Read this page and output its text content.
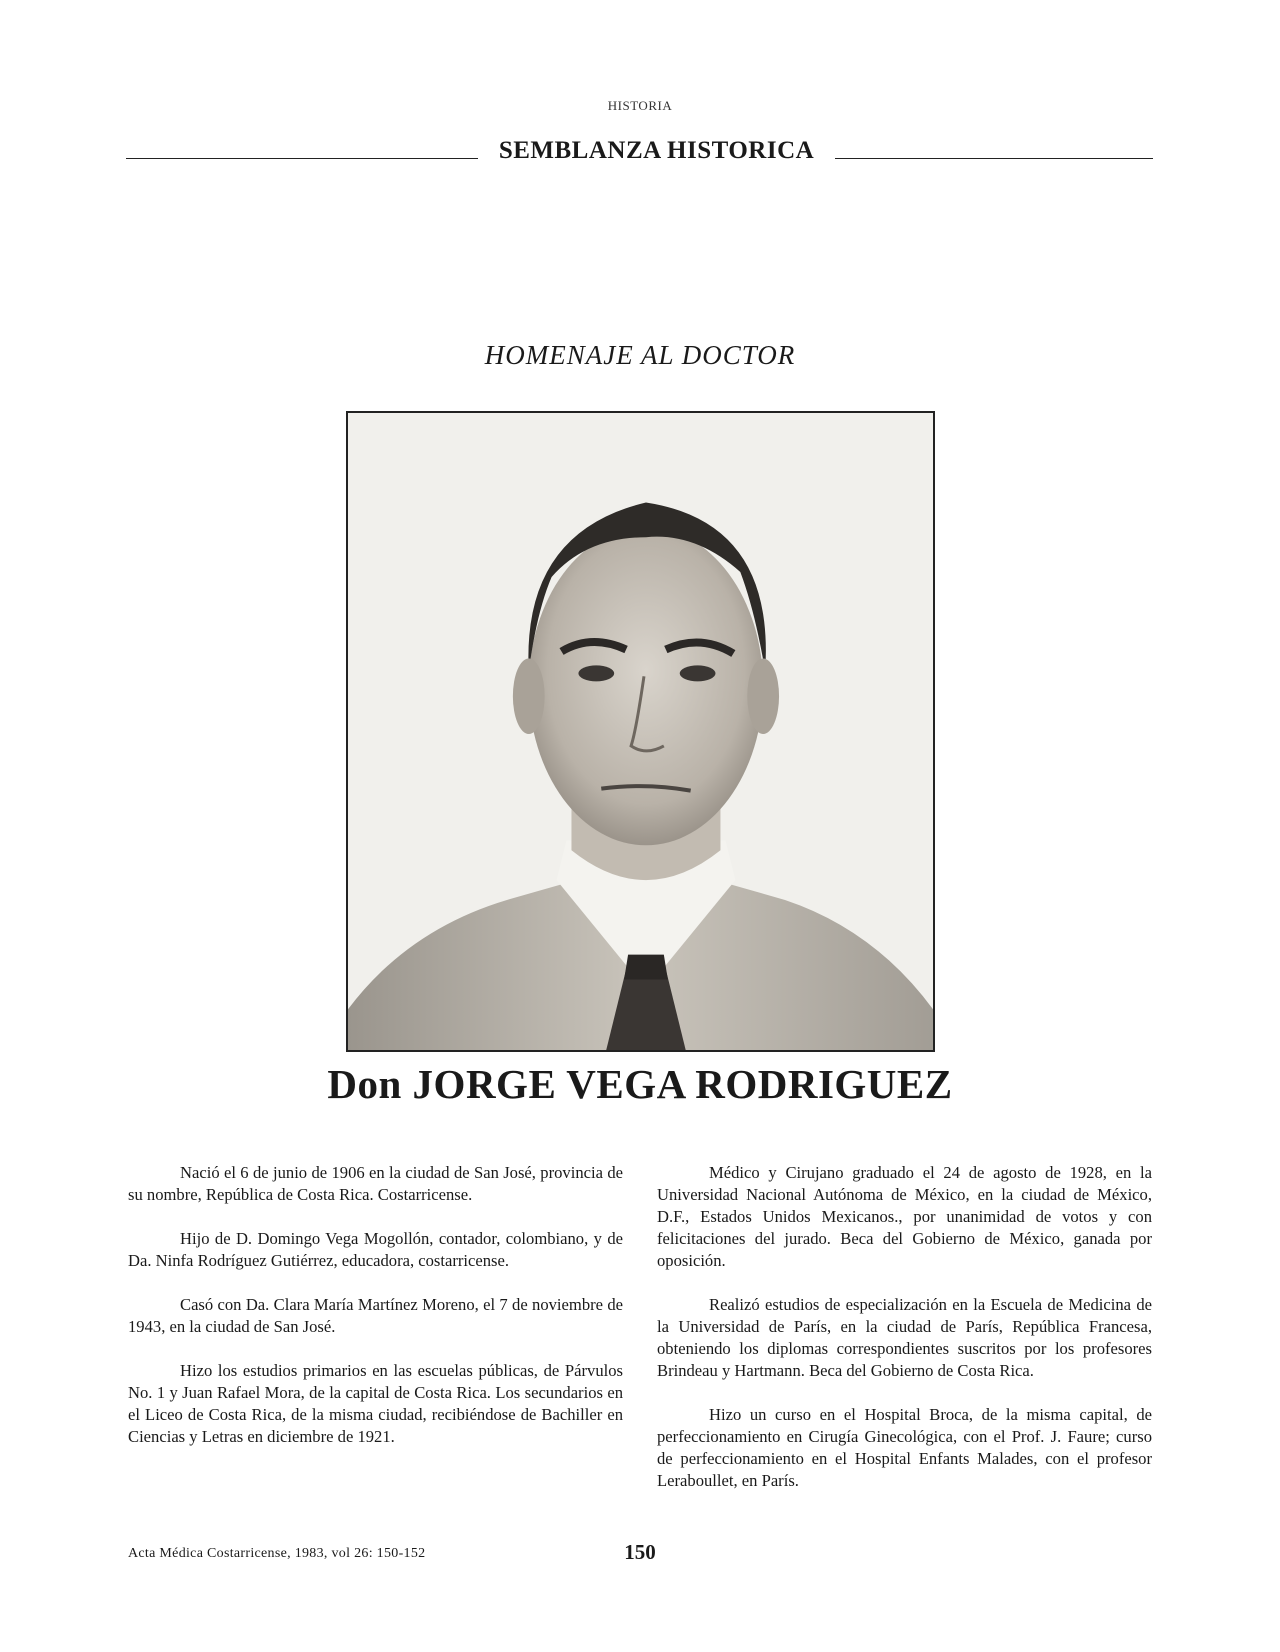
HISTORIA
SEMBLANZA HISTORICA
HOMENAJE AL DOCTOR
Don JORGE VEGA RODRIGUEZ

Nació el 6 de junio de 1906 en la ciudad de San José, provincia de su nombre, República de Costa Rica. Costarricense.

Hijo de D. Domingo Vega Mogollón, contador, colombiano, y de Da. Ninfa Rodríguez Gutiérrez, educadora, costarricense.

Casó con Da. Clara María Martínez Moreno, el 7 de noviembre de 1943, en la ciudad de San José.

Hizo los estudios primarios en las escuelas públicas, de Párvulos No. 1 y Juan Rafael Mora, de la capital de Costa Rica. Los secundarios en el Liceo de Costa Rica, de la misma ciudad, recibiéndose de Bachiller en Ciencias y Letras en diciembre de 1921.

Médico y Cirujano graduado el 24 de agosto de 1928, en la Universidad Nacional Autónoma de México, en la ciudad de México, D.F., Estados Unidos Mexicanos., por unanimidad de votos y con felicitaciones del jurado. Beca del Gobierno de México, ganada por oposición.

Realizó estudios de especialización en la Escuela de Medicina de la Universidad de París, en la ciudad de París, República Francesa, obteniendo los diplomas correspondientes suscritos por los profesores Brindeau y Hartmann. Beca del Gobierno de Costa Rica.

Hizo un curso en el Hospital Broca, de la misma capital, de perfeccionamiento en Cirugía Ginecológica, con el Prof. J. Faure; curso de perfeccionamiento en el Hospital Enfants Malades, con el profesor Leraboullet, en París.

Acta Médica Costarricense, 1983, vol 26: 150-152	150
